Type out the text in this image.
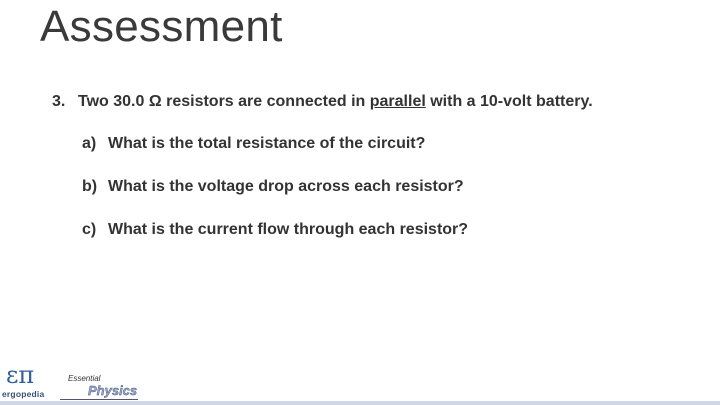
Assessment
3. Two 30.0 Ω resistors are connected in parallel with a 10-volt battery.
a) What is the total resistance of the circuit?
b) What is the voltage drop across each resistor?
c) What is the current flow through each resistor?
επ
ergopedia
Essential
Physics
